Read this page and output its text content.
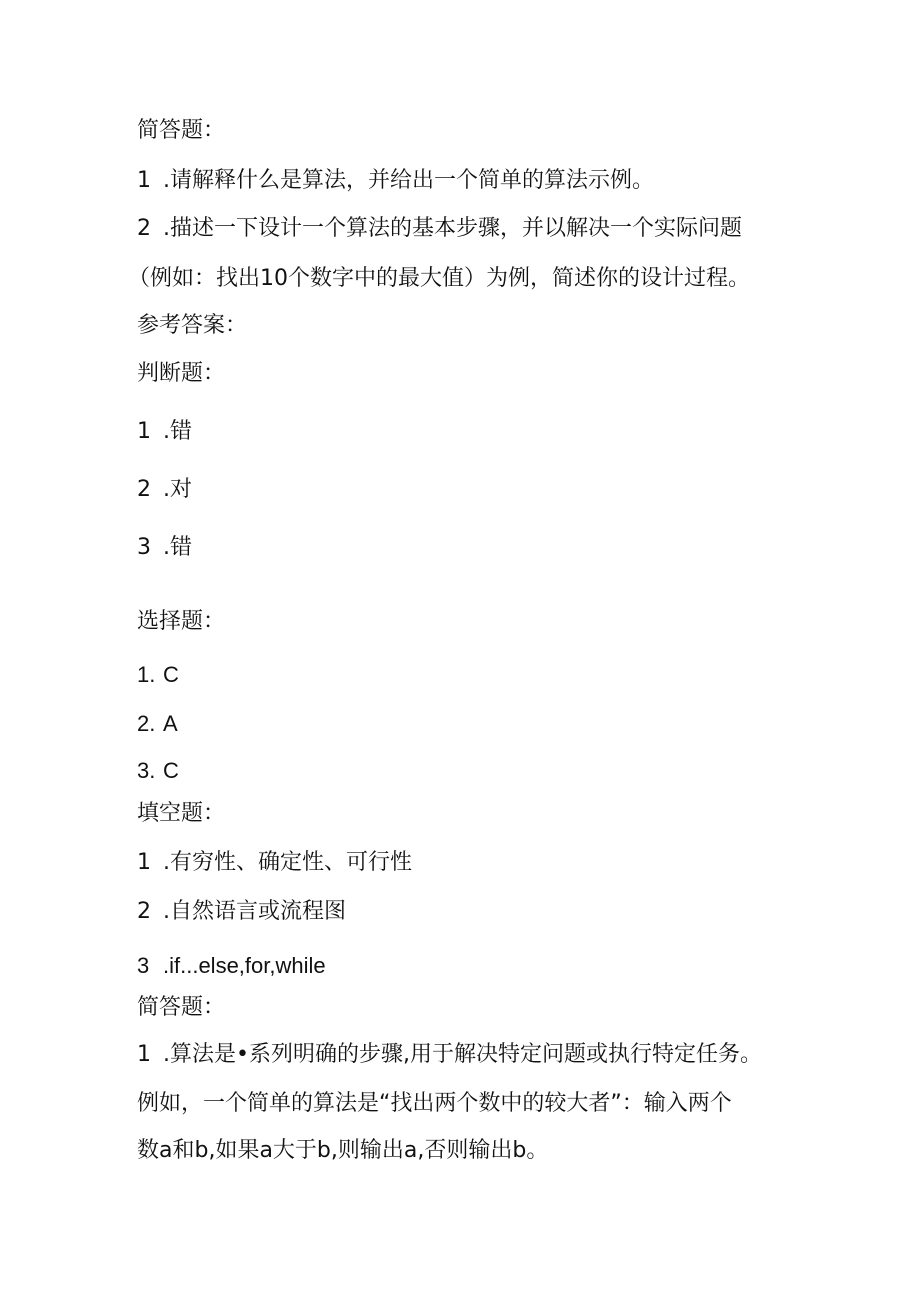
简答题：
1 .请解释什么是算法，并给出一个简单的算法示例。
2 .描述一下设计一个算法的基本步骤，并以解决一个实际问题
（例如：找出10个数字中的最大值）为例，简述你的设计过程。
参考答案：
判断题：
1 .错
2 .对
3 .错
选择题：
1. C
2. A
3. C
填空题：
1 .有穷性、确定性、可行性
2 .自然语言或流程图
3 .if...else,for,while
简答题：
1 .算法是•系列明确的步骤,用于解决特定问题或执行特定任务。
例如，一个简单的算法是“找出两个数中的较大者”：输入两个
数a和b,如果a大于b,则输出a,否则输出b。
